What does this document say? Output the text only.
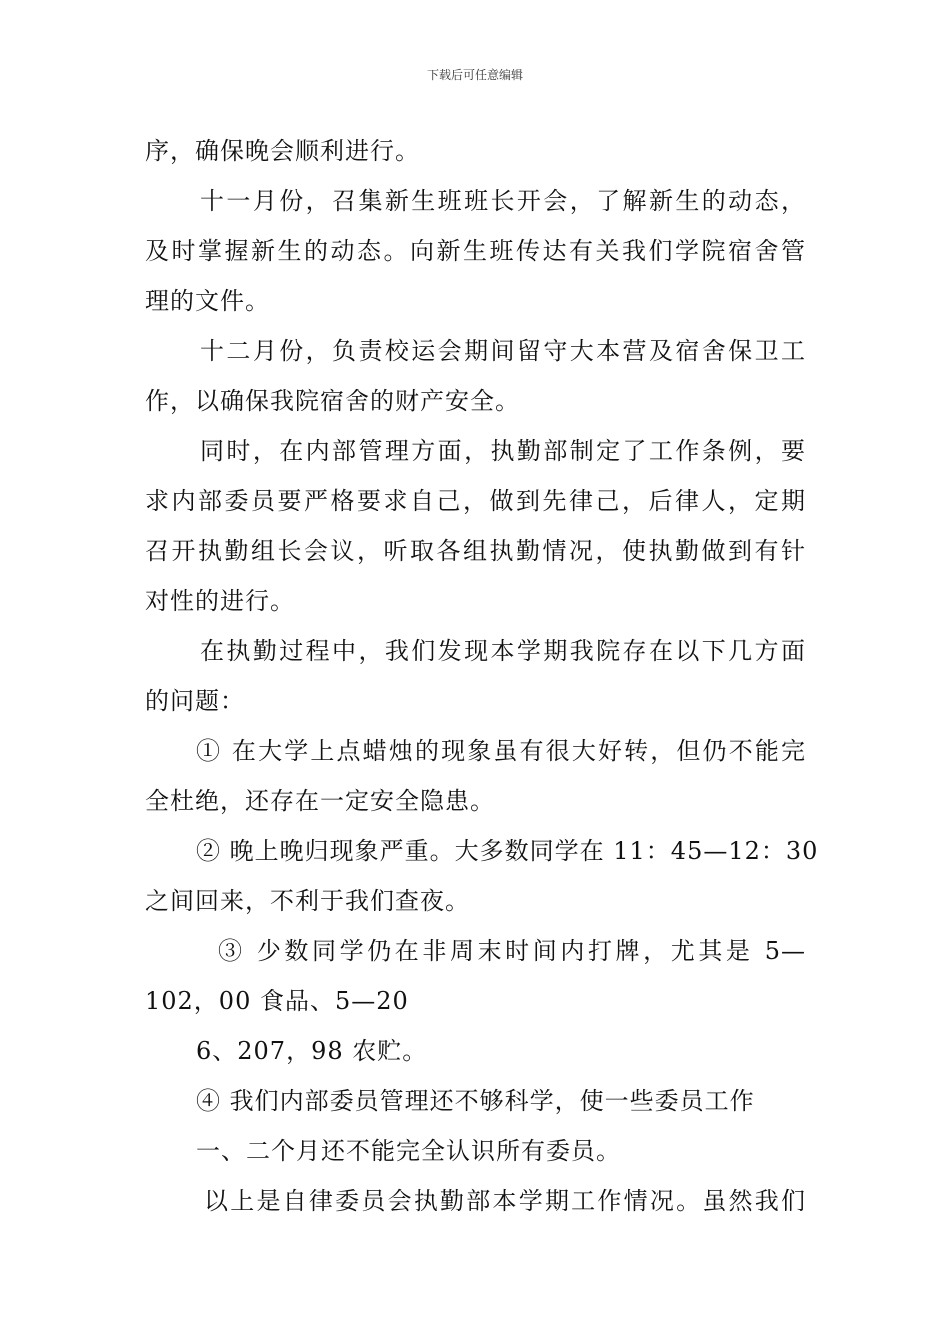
下载后可任意编辑
序，确保晚会顺利进行。
十一月份，召集新生班班长开会，了解新生的动态，
及时掌握新生的动态。向新生班传达有关我们学院宿舍管
理的文件。
十二月份，负责校运会期间留守大本营及宿舍保卫工
作，以确保我院宿舍的财产安全。
同时，在内部管理方面，执勤部制定了工作条例，要
求内部委员要严格要求自己，做到先律己，后律人，定期
召开执勤组长会议，听取各组执勤情况，使执勤做到有针
对性的进行。
在执勤过程中，我们发现本学期我院存在以下几方面
的问题：
① 在大学上点蜡烛的现象虽有很大好转，但仍不能完
全杜绝，还存在一定安全隐患。
② 晚上晚归现象严重。大多数同学在 11：45—12：30
之间回来，不利于我们查夜。
③ 少数同学仍在非周末时间内打牌，尤其是 5—
102，00 食品、5—20
6、207，98 农贮。
④ 我们内部委员管理还不够科学，使一些委员工作
一、二个月还不能完全认识所有委员。
以上是自律委员会执勤部本学期工作情况。虽然我们
